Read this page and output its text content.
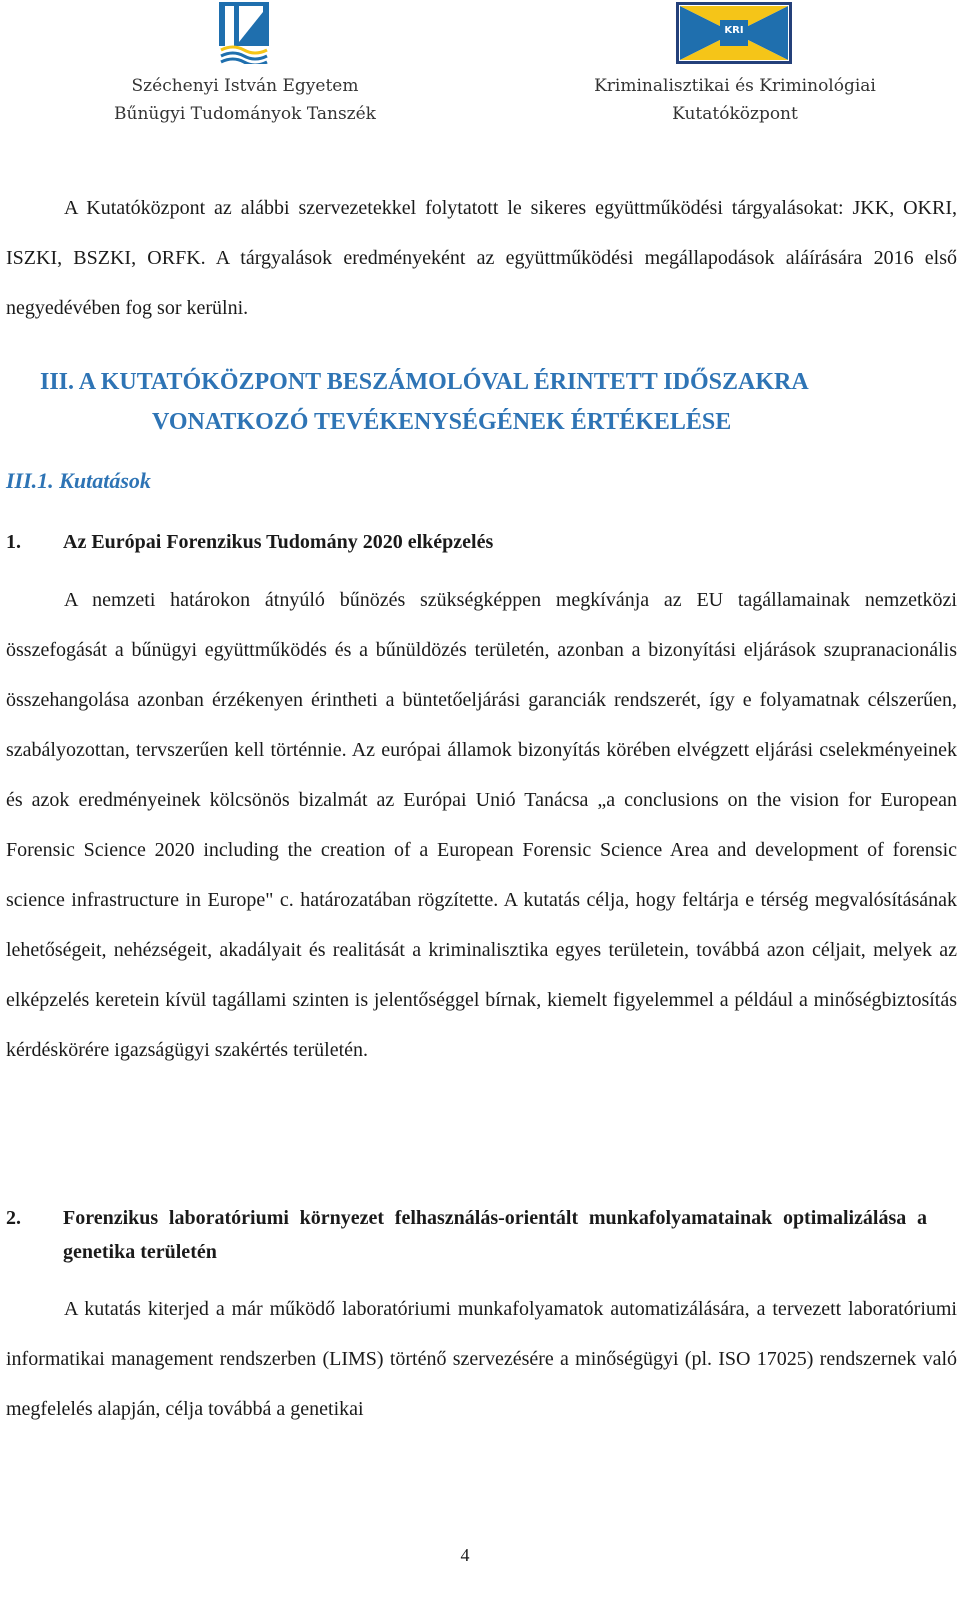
Széchenyi István Egyetem
Bűnügyi Tudományok Tanszék
KRI
Kriminalisztikai és Kriminológiai
Kutatóközpont

A Kutatóközpont az alábbi szervezetekkel folytatott le sikeres együttműködési tárgyalásokat: JKK, OKRI, ISZKI, BSZKI, ORFK. A tárgyalások eredményeként az együttműködési megállapodások aláírására 2016 első negyedévében fog sor kerülni.

III. A KUTATÓKÖZPONT BESZÁMOLÓVAL ÉRINTETT IDŐSZAKRA
VONATKOZÓ TEVÉKENYSÉGÉNEK ÉRTÉKELÉSE
III.1. Kutatások
1. Az Európai Forenzikus Tudomány 2020 elképzelés

A nemzeti határokon átnyúló bűnözés szükségképpen megkívánja az EU tagállamainak nemzetközi összefogását a bűnügyi együttműködés és a bűnüldözés területén, azonban a bizonyítási eljárások szupranacionális összehangolása azonban érzékenyen érintheti a büntetőeljárási garanciák rendszerét, így e folyamatnak célszerűen, szabályozottan, tervszerűen kell történnie. Az európai államok bizonyítás körében elvégzett eljárási cselekményeinek és azok eredményeinek kölcsönös bizalmát az Európai Unió Tanácsa „a conclusions on the vision for European Forensic Science 2020 including the creation of a European Forensic Science Area and development of forensic science infrastructure in Europe" c. határozatában rögzítette. A kutatás célja, hogy feltárja e térség megvalósításának lehetőségeit, nehézségeit, akadályait és realitását a kriminalisztika egyes területein, továbbá azon céljait, melyek az elképzelés keretein kívül tagállami szinten is jelentőséggel bírnak, kiemelt figyelemmel a például a minőségbiztosítás kérdéskörére igazságügyi szakértés területén.

2. Forenzikus laboratóriumi környezet felhasználás-orientált munkafolyamatainak optimalizálása a genetika területén

A kutatás kiterjed a már működő laboratóriumi munkafolyamatok automatizálására, a tervezett laboratóriumi informatikai management rendszerben (LIMS) történő szervezésére a minőségügyi (pl. ISO 17025) rendszernek való megfelelés alapján, célja továbbá a genetikai

4
